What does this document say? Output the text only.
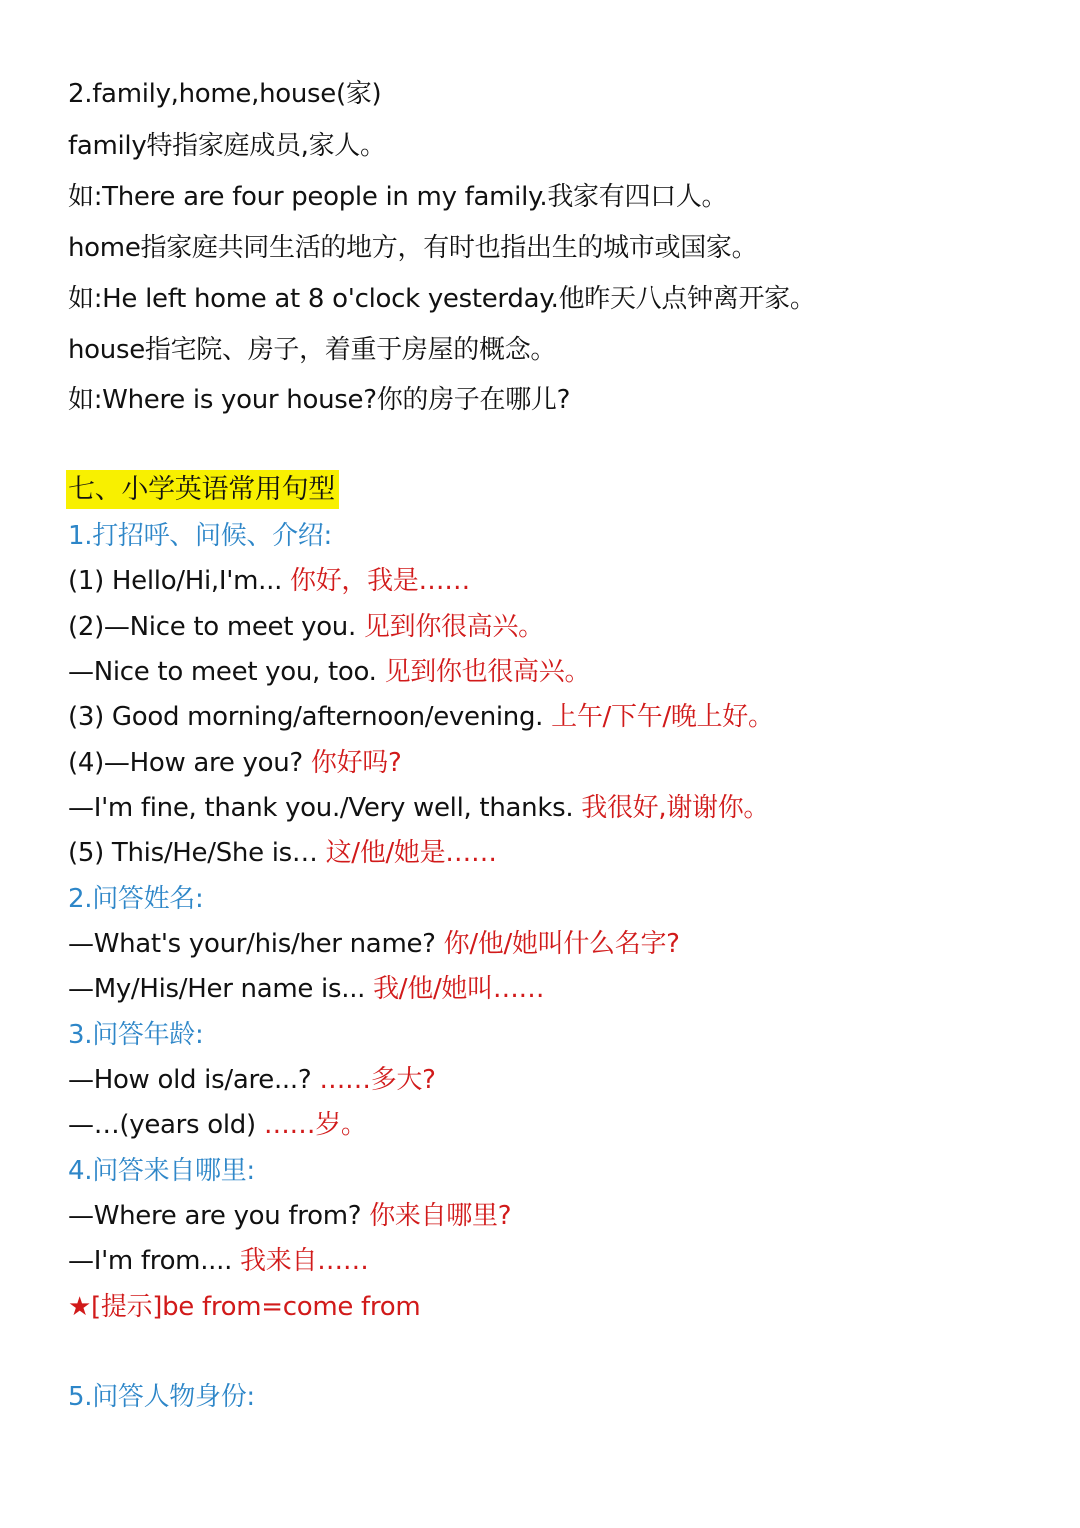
2.family,home,house(家)
family特指家庭成员,家人。
如:There are four people in my family.我家有四口人。
home指家庭共同生活的地方，有时也指出生的城市或国家。
如:He left home at 8 o'clock yesterday.他昨天八点钟离开家。
house指宅院、房子，着重于房屋的概念。
如:Where is your house?你的房子在哪儿?
七、小学英语常用句型
1.打招呼、问候、介绍:
(1) Hello/Hi,I'm... 你好，我是……
(2)—Nice to meet you. 见到你很高兴。
—Nice to meet you, too. 见到你也很高兴。
(3) Good morning/afternoon/evening. 上午/下午/晚上好。
(4)—How are you? 你好吗?
—I'm fine, thank you./Very well, thanks. 我很好,谢谢你。
(5) This/He/She is… 这/他/她是……
2.问答姓名:
—What's your/his/her name? 你/他/她叫什么名字?
—My/His/Her name is... 我/他/她叫……
3.问答年龄:
—How old is/are...? ……多大?
—…(years old) ……岁。
4.问答来自哪里:
—Where are you from? 你来自哪里?
—I'm from.... 我来自……
★[提示]be from=come from
5.问答人物身份:
